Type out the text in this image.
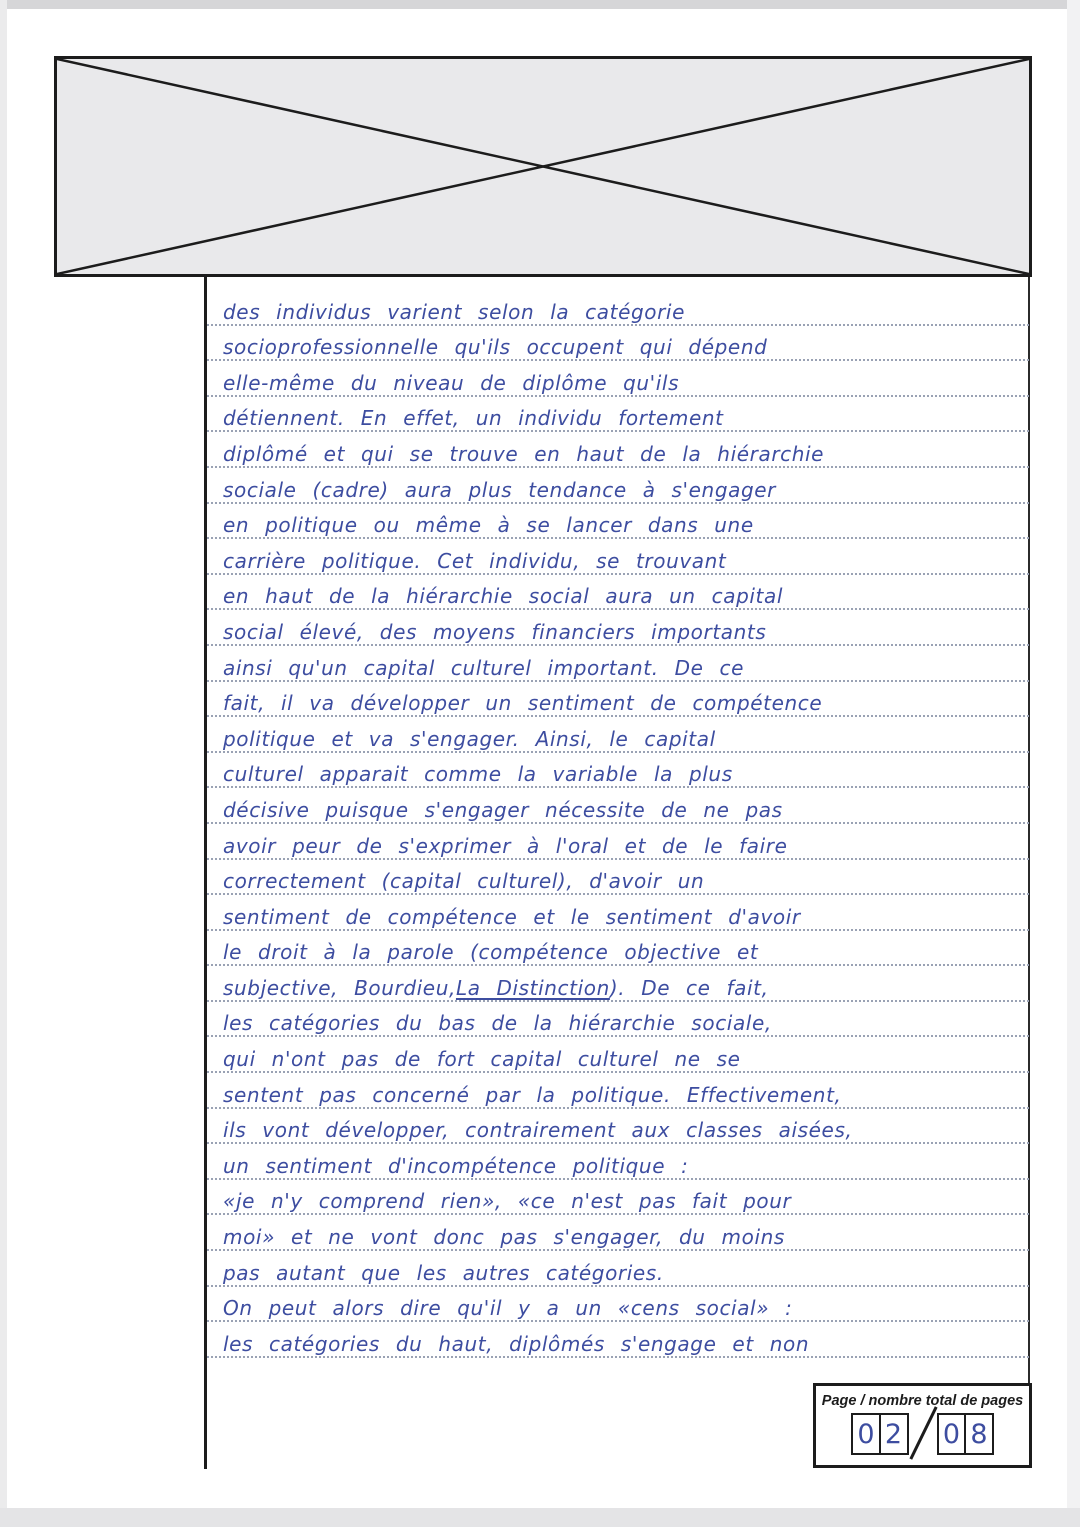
des individus varient selon la catégorie
socioprofessionnelle qu'ils occupent qui dépend
elle-même du niveau de diplôme qu'ils
détiennent. En effet, un individu fortement
diplômé et qui se trouve en haut de la hiérarchie
sociale (cadre) aura plus tendance à s'engager
en politique ou même à se lancer dans une
carrière politique. Cet individu, se trouvant
en haut de la hiérarchie social aura un capital
social élevé, des moyens financiers importants
ainsi qu'un capital culturel important. De ce
fait, il va développer un sentiment de compétence
politique et va s'engager. Ainsi, le capital
culturel apparait comme la variable la plus
décisive puisque s'engager nécessite de ne pas
avoir peur de s'exprimer à l'oral et de le faire
correctement (capital culturel), d'avoir un
sentiment de compétence et le sentiment d'avoir
le droit à la parole (compétence objective et
subjective, Bourdieu, La Distinction ). De ce fait,
les catégories du bas de la hiérarchie sociale,
qui n'ont pas de fort capital culturel ne se
sentent pas concerné par la politique. Effectivement,
ils vont développer, contrairement aux classes aisées,
un sentiment d'incompétence politique :
«je n'y comprend rien», «ce n'est pas fait pour
moi» et ne vont donc pas s'engager, du moins
pas autant que les autres catégories.
On peut alors dire qu'il y a un «cens social» :
les catégories du haut, diplômés s'engage et non
Page / nombre total de pages
0 2 0 8
